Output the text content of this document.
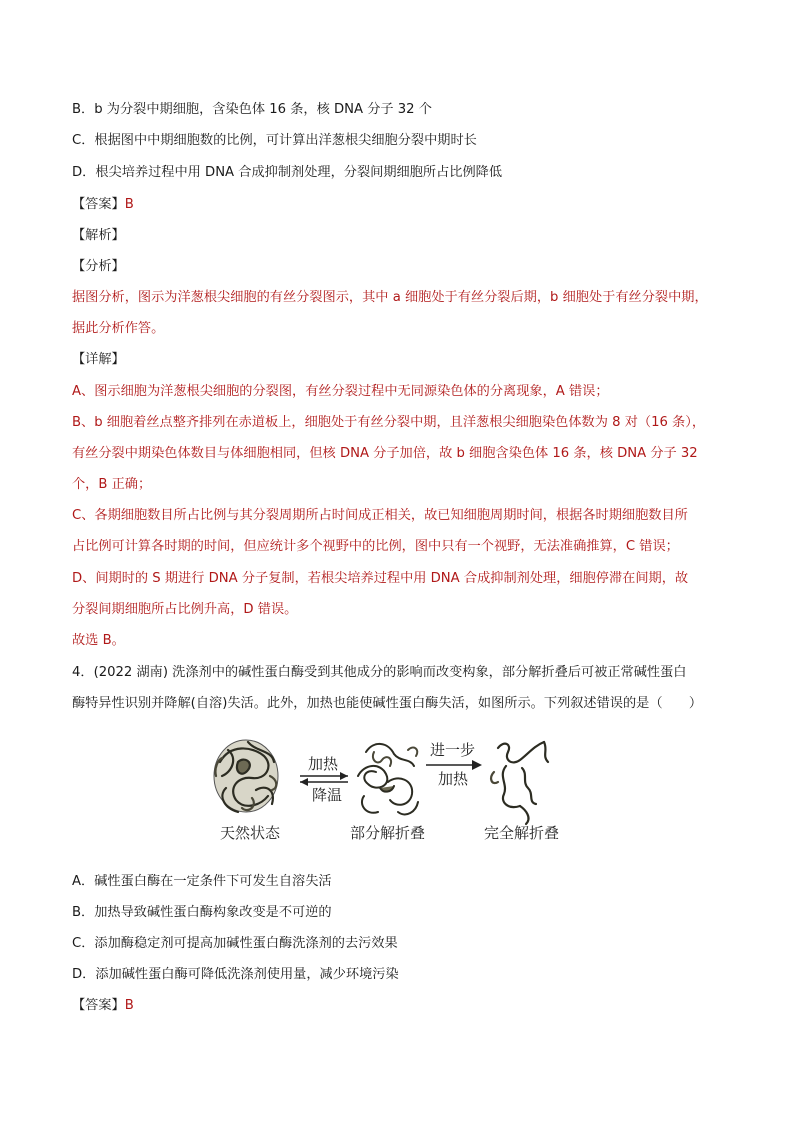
B．b 为分裂中期细胞，含染色体 16 条，核 DNA 分子 32 个
C．根据图中中期细胞数的比例，可计算出洋葱根尖细胞分裂中期时长
D．根尖培养过程中用 DNA 合成抑制剂处理，分裂间期细胞所占比例降低
【答案】B
【解析】
【分析】
据图分析，图示为洋葱根尖细胞的有丝分裂图示，其中 a 细胞处于有丝分裂后期，b 细胞处于有丝分裂中期，
据此分析作答。
【详解】
A、图示细胞为洋葱根尖细胞的分裂图，有丝分裂过程中无同源染色体的分离现象，A 错误；
B、b 细胞着丝点整齐排列在赤道板上，细胞处于有丝分裂中期，且洋葱根尖细胞染色体数为 8 对（16 条），
有丝分裂中期染色体数目与体细胞相同，但核 DNA 分子加倍，故 b 细胞含染色体 16 条，核 DNA 分子 32
个，B 正确；
C、各期细胞数目所占比例与其分裂周期所占时间成正相关，故已知细胞周期时间，根据各时期细胞数目所
占比例可计算各时期的时间，但应统计多个视野中的比例，图中只有一个视野，无法准确推算，C 错误；
D、间期时的 S 期进行 DNA 分子复制，若根尖培养过程中用 DNA 合成抑制剂处理，细胞停滞在间期，故
分裂间期细胞所占比例升高，D 错误。
故选 B。
4．(2022 湖南) 洗涤剂中的碱性蛋白酶受到其他成分的影响而改变构象，部分解折叠后可被正常碱性蛋白
酶特异性识别并降解(自溶)失活。此外，加热也能使碱性蛋白酶失活，如图所示。下列叙述错误的是（　　）
加热
降温
进一步
加热
天然状态	部分解折叠	完全解折叠
A．碱性蛋白酶在一定条件下可发生自溶失活
B．加热导致碱性蛋白酶构象改变是不可逆的
C．添加酶稳定剂可提高加碱性蛋白酶洗涤剂的去污效果
D．添加碱性蛋白酶可降低洗涤剂使用量，减少环境污染
【答案】B
